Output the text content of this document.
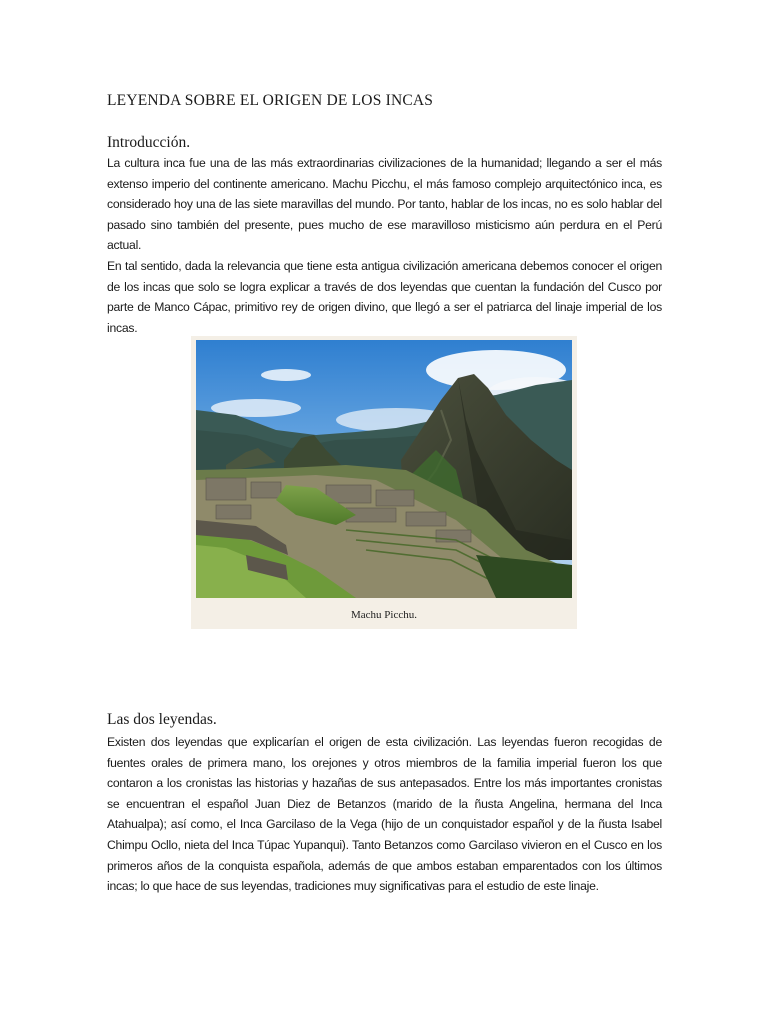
LEYENDA SOBRE EL ORIGEN DE LOS INCAS
Introducción.

La cultura inca fue una de las más extraordinarias civilizaciones de la humanidad; llegando a ser el más extenso imperio del continente americano. Machu Picchu, el más famoso complejo arquitectónico inca, es considerado hoy una de las siete maravillas del mundo. Por tanto, hablar de los incas, no es solo hablar del pasado sino también del presente, pues mucho de ese maravilloso misticismo aún perdura en el Perú actual.

En tal sentido, dada la relevancia que tiene esta antigua civilización americana debemos conocer el origen de los incas que solo se logra explicar a través de dos leyendas que cuentan la fundación del Cusco por parte de Manco Cápac, primitivo rey de origen divino, que llegó a ser el patriarca del linaje imperial de los incas.

Machu Picchu.
Las dos leyendas.

Existen dos leyendas que explicarían el origen de esta civilización. Las leyendas fueron recogidas de fuentes orales de primera mano, los orejones y otros miembros de la familia imperial fueron los que contaron a los cronistas las historias y hazañas de sus antepasados. Entre los más importantes cronistas se encuentran el español Juan Diez de Betanzos (marido de la ñusta Angelina, hermana del Inca Atahualpa); así como, el Inca Garcilaso de la Vega (hijo de un conquistador español y de la ñusta Isabel Chimpu Ocllo, nieta del Inca Túpac Yupanqui). Tanto Betanzos como Garcilaso vivieron en el Cusco en los primeros años de la conquista española, además de que ambos estaban emparentados con los últimos incas; lo que hace de sus leyendas, tradiciones muy significativas para el estudio de este linaje.
